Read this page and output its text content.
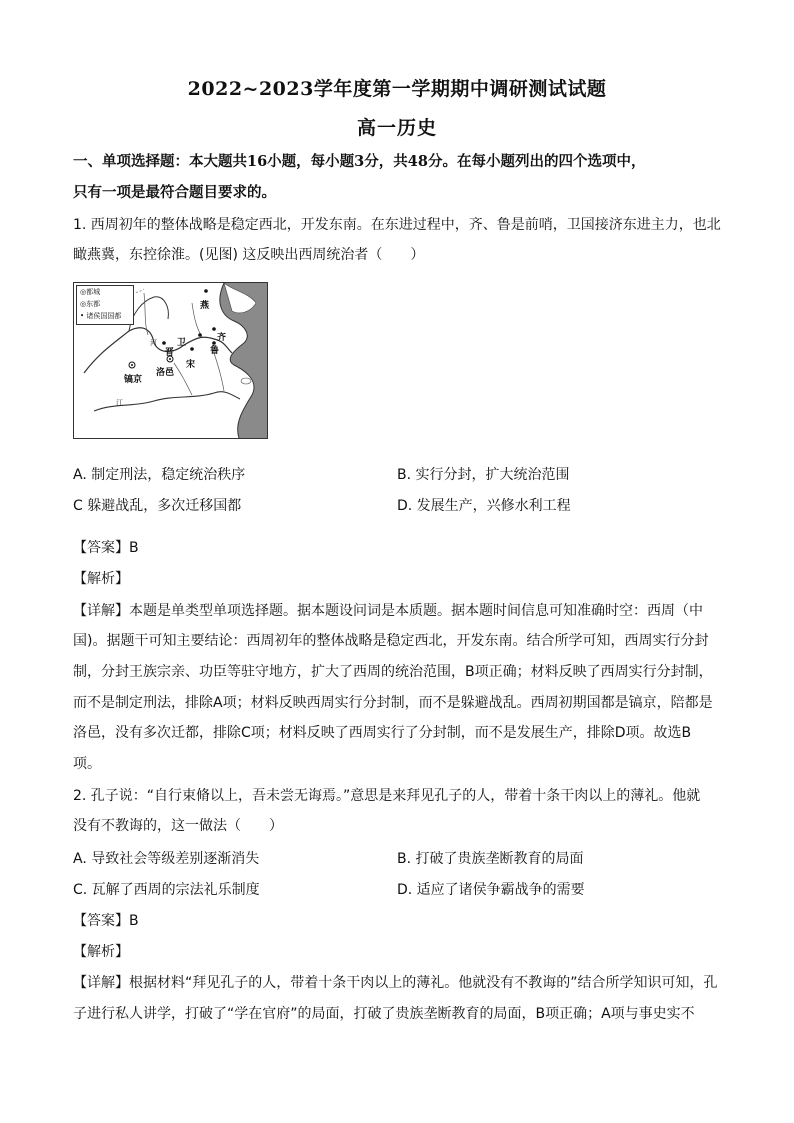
2022~2023学年度第一学期期中调研测试试题
高一历史
一、单项选择题：本大题共16小题，每小题3分，共48分。在每小题列出的四个选项中，
只有一项是最符合题目要求的。
1. 西周初年的整体战略是稳定西北，开发东南。在东进过程中，齐、鲁是前哨，卫国接济东进主力，也北
瞰燕冀，东控徐淮。(见图) 这反映出西周统治者（　　）
◎都城
◎东都
• 诸侯国国都
镐京
洛邑
晋
卫
宋
齐
鲁
燕
河
江
A. 制定刑法，稳定统治秩序	B. 实行分封，扩大统治范围
C 躲避战乱，多次迁移国都	D. 发展生产，兴修水利工程
【答案】B
【解析】
【详解】本题是单类型单项选择题。据本题设问词是本质题。据本题时间信息可知准确时空：西周（中
国)。据题干可知主要结论：西周初年的整体战略是稳定西北，开发东南。结合所学可知，西周实行分封
制，分封王族宗亲、功臣等驻守地方，扩大了西周的统治范围，B项正确；材料反映了西周实行分封制，
而不是制定刑法，排除A项；材料反映西周实行分封制，而不是躲避战乱。西周初期国都是镐京，陪都是
洛邑，没有多次迁都，排除C项；材料反映了西周实行了分封制，而不是发展生产，排除D项。故选B
项。
2. 孔子说：“自行束脩以上，吾未尝无诲焉。”意思是来拜见孔子的人，带着十条干肉以上的薄礼。他就
没有不教诲的，这一做法（　　）
A. 导致社会等级差别逐渐消失	B. 打破了贵族垄断教育的局面
C. 瓦解了西周的宗法礼乐制度	D. 适应了诸侯争霸战争的需要
【答案】B
【解析】
【详解】根据材料“拜见孔子的人，带着十条干肉以上的薄礼。他就没有不教诲的”结合所学知识可知，孔
子进行私人讲学，打破了“学在官府”的局面，打破了贵族垄断教育的局面，B项正确；A项与事史实不
